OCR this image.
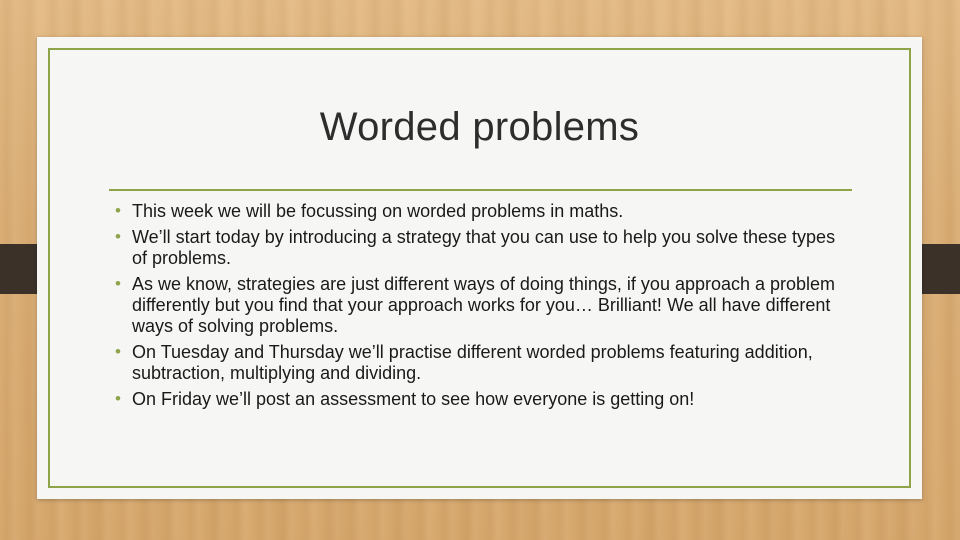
Worded problems
• This week we will be focussing on worded problems in maths.
• We’ll start today by introducing a strategy that you can use to help you solve these types of problems.
• As we know, strategies are just different ways of doing things, if you approach a problem differently but you find that your approach works for you… Brilliant! We all have different ways of solving problems.
• On Tuesday and Thursday we’ll practise different worded problems featuring addition, subtraction, multiplying and dividing.
• On Friday we’ll post an assessment to see how everyone is getting on!
